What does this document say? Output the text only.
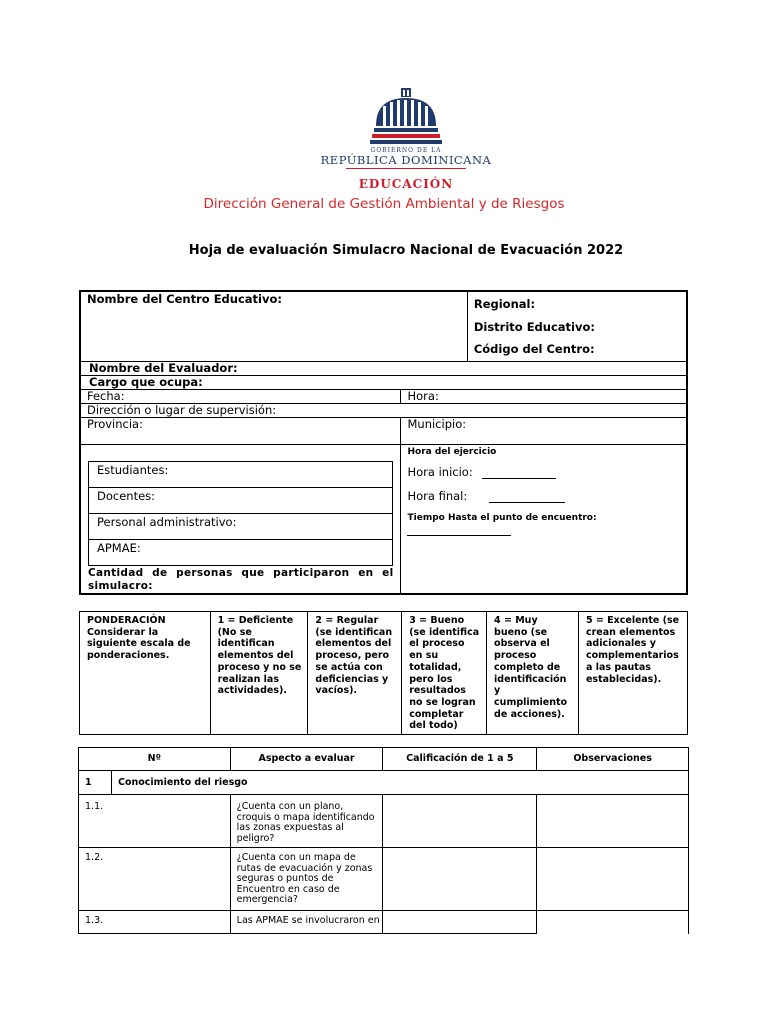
GOBIERNO DE LA
REPÚBLICA DOMINICANA
EDUCACIÓN
Dirección General de Gestión Ambiental y de Riesgos
Hoja de evaluación Simulacro Nacional de Evacuación 2022
Nombre del Centro Educativo:	Regional:
Distrito Educativo:
Código del Centro:

Nombre del Evaluador:
Cargo que ocupa:
Fecha:	Hora:
Dirección o lugar de supervisión:
Provincia:	Municipio:

Estudiantes:
Docentes:
Personal administrativo:
APMAE:
Cantidad de personas que participaron en el simulacro:

Hora del ejercicio
Hora inicio:
Hora final:
Tiempo Hasta el punto de encuentro:
PONDERACIÓN Considerar la siguiente escala de ponderaciones.	1 = Deficiente (No se identifican elementos del proceso y no se realizan las actividades).	2 = Regular (se identifican elementos del proceso, pero se actúa con deficiencias y vacíos).	3 = Bueno (se identifica el proceso en su totalidad, pero los resultados no se logran completar del todo)	4 = Muy bueno (se observa el proceso completo de identificación y cumplimiento de acciones).	5 = Excelente (se crean elementos adicionales y complementarios a las pautas establecidas).
Nº	Aspecto a evaluar	Calificación de 1 a 5	Observaciones
1 Conocimiento del riesgo			
1.1.	¿Cuenta con un plano, croquis o mapa identificando las zonas expuestas al peligro?		
1.2.	¿Cuenta con un mapa de rutas de evacuación y zonas seguras o puntos de Encuentro en caso de emergencia?		
1.3.	Las APMAE se involucraron en		
